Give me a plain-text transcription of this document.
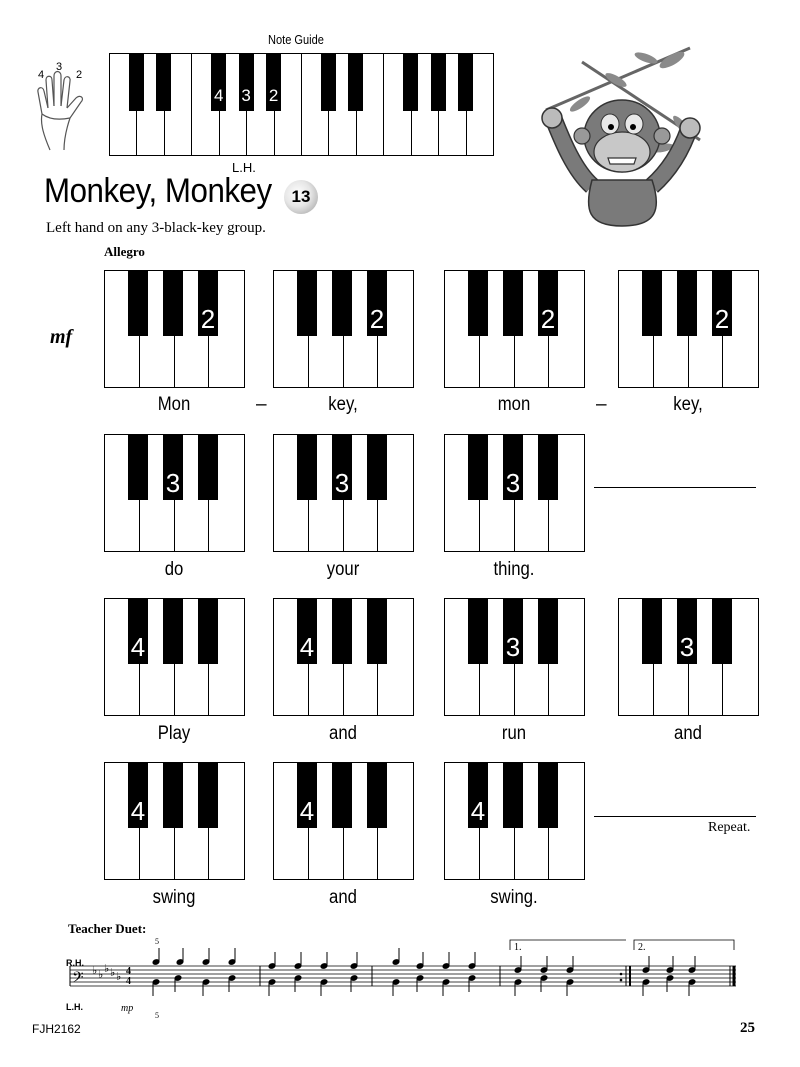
4
3
2
Note Guide
4 3 2
L.H.
Monkey, Monkey	13
Left hand on any 3-black-key group.
Allegro
mf
2	2	2	2
Mon	key,	mon	key,
–	–
3	3	3
do	your	thing.
4	4	3	3
Play	and	run	and
4	4	4
swing	and	swing.
Repeat.
Teacher Duet:
R.H.
L.H.	mp
1.	2.
𝄢 ♭ ♭ ♭ ♭ ♭ 4
4
5
5
FJH2162	25
